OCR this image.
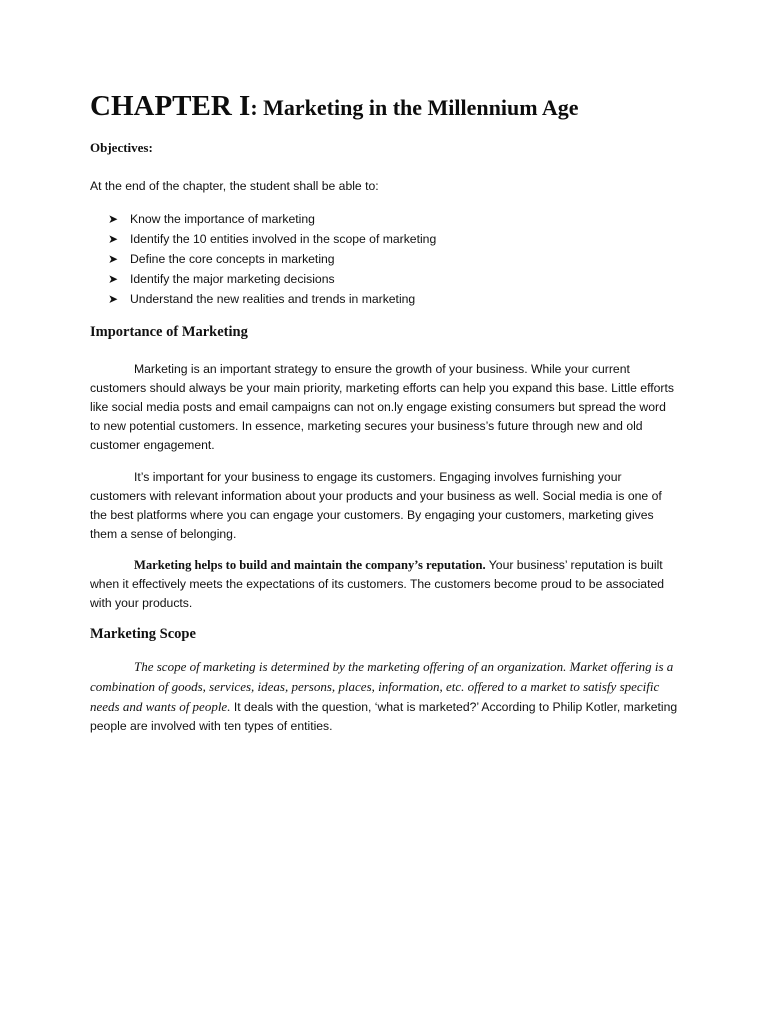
CHAPTER I: Marketing in the Millennium Age

Objectives:

At the end of the chapter, the student shall be able to:

➤ Know the importance of marketing
➤ Identify the 10 entities involved in the scope of marketing
➤ Define the core concepts in marketing
➤ Identify the major marketing decisions
➤ Understand the new realities and trends in marketing
Importance of Marketing

Marketing is an important strategy to ensure the growth of your business. While your current customers should always be your main priority, marketing efforts can help you expand this base. Little efforts like social media posts and email campaigns can not on.ly engage existing consumers but spread the word to new potential customers. In essence, marketing secures your business’s future through new and old customer engagement.

It’s important for your business to engage its customers. Engaging involves furnishing your customers with relevant information about your products and your business as well. Social media is one of the best platforms where you can engage your customers. By engaging your customers, marketing gives them a sense of belonging.

Marketing helps to build and maintain the company’s reputation. Your business’ reputation is built when it effectively meets the expectations of its customers. The customers become proud to be associated with your products.

Marketing Scope

The scope of marketing is determined by the marketing offering of an organization. Market offering is a combination of goods, services, ideas, persons, places, information, etc. offered to a market to satisfy specific needs and wants of people. It deals with the question, ‘what is marketed?’ According to Philip Kotler, marketing people are involved with ten types of entities.
